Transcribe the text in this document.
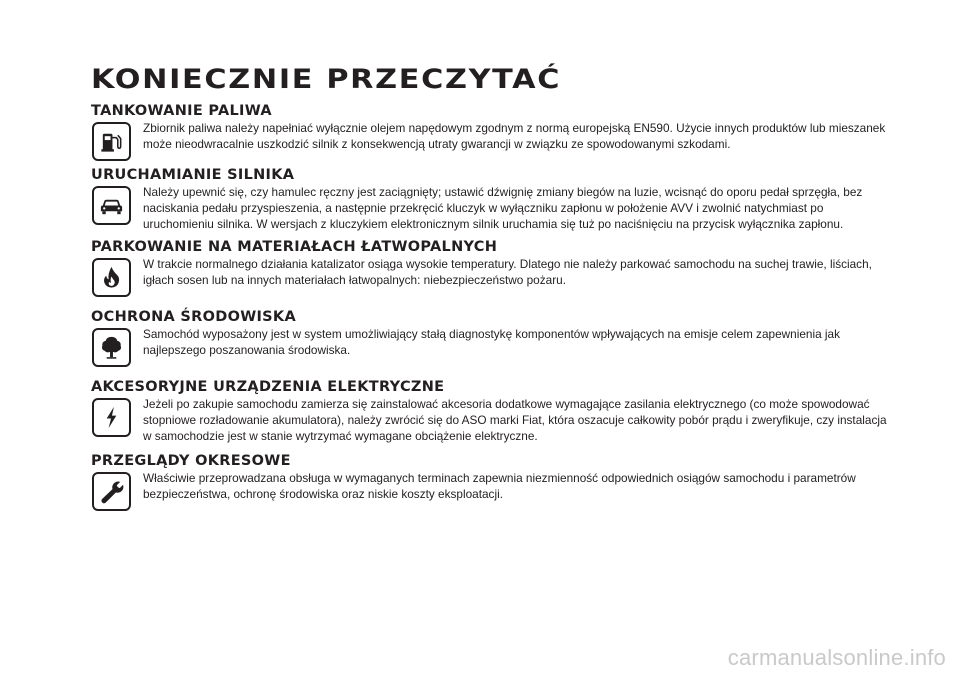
KONIECZNIE PRZECZYTAĆ
TANKOWANIE PALIWA
Zbiornik paliwa należy napełniać wyłącznie olejem napędowym zgodnym z normą europejską EN590. Użycie innych produktów lub mieszanek może nieodwracalnie uszkodzić silnik z konsekwencją utraty gwarancji w związku ze spowodowanymi szkodami.
URUCHAMIANIE SILNIKA
Należy upewnić się, czy hamulec ręczny jest zaciągnięty; ustawić dźwignię zmiany biegów na luzie, wcisnąć do oporu pedał sprzęgła, bez naciskania pedału przyspieszenia, a następnie przekręcić kluczyk w wyłączniku zapłonu w położenie AVV i zwolnić natychmiast po uruchomieniu silnika. W wersjach z kluczykiem elektronicznym silnik uruchamia się tuż po naciśnięciu na przycisk wyłącznika zapłonu.
PARKOWANIE NA MATERIAŁACH ŁATWOPALNYCH
W trakcie normalnego działania katalizator osiąga wysokie temperatury. Dlatego nie należy parkować samochodu na suchej trawie, liściach, igłach sosen lub na innych materiałach łatwopalnych: niebezpieczeństwo pożaru.
OCHRONA ŚRODOWISKA
Samochód wyposażony jest w system umożliwiający stałą diagnostykę komponentów wpływających na emisje celem zapewnienia jak najlepszego poszanowania środowiska.
AKCESORYJNE URZĄDZENIA ELEKTRYCZNE
Jeżeli po zakupie samochodu zamierza się zainstalować akcesoria dodatkowe wymagające zasilania elektrycznego (co może spowodować stopniowe rozładowanie akumulatora), należy zwrócić się do ASO marki Fiat, która oszacuje całkowity pobór prądu i zweryfikuje, czy instalacja w samochodzie jest w stanie wytrzymać wymagane obciążenie elektryczne.
PRZEGLĄDY OKRESOWE
Właściwie przeprowadzana obsługa w wymaganych terminach zapewnia niezmienność odpowiednich osiągów samochodu i parametrów bezpieczeństwa, ochronę środowiska oraz niskie koszty eksploatacji.
carmanualsonline.info
